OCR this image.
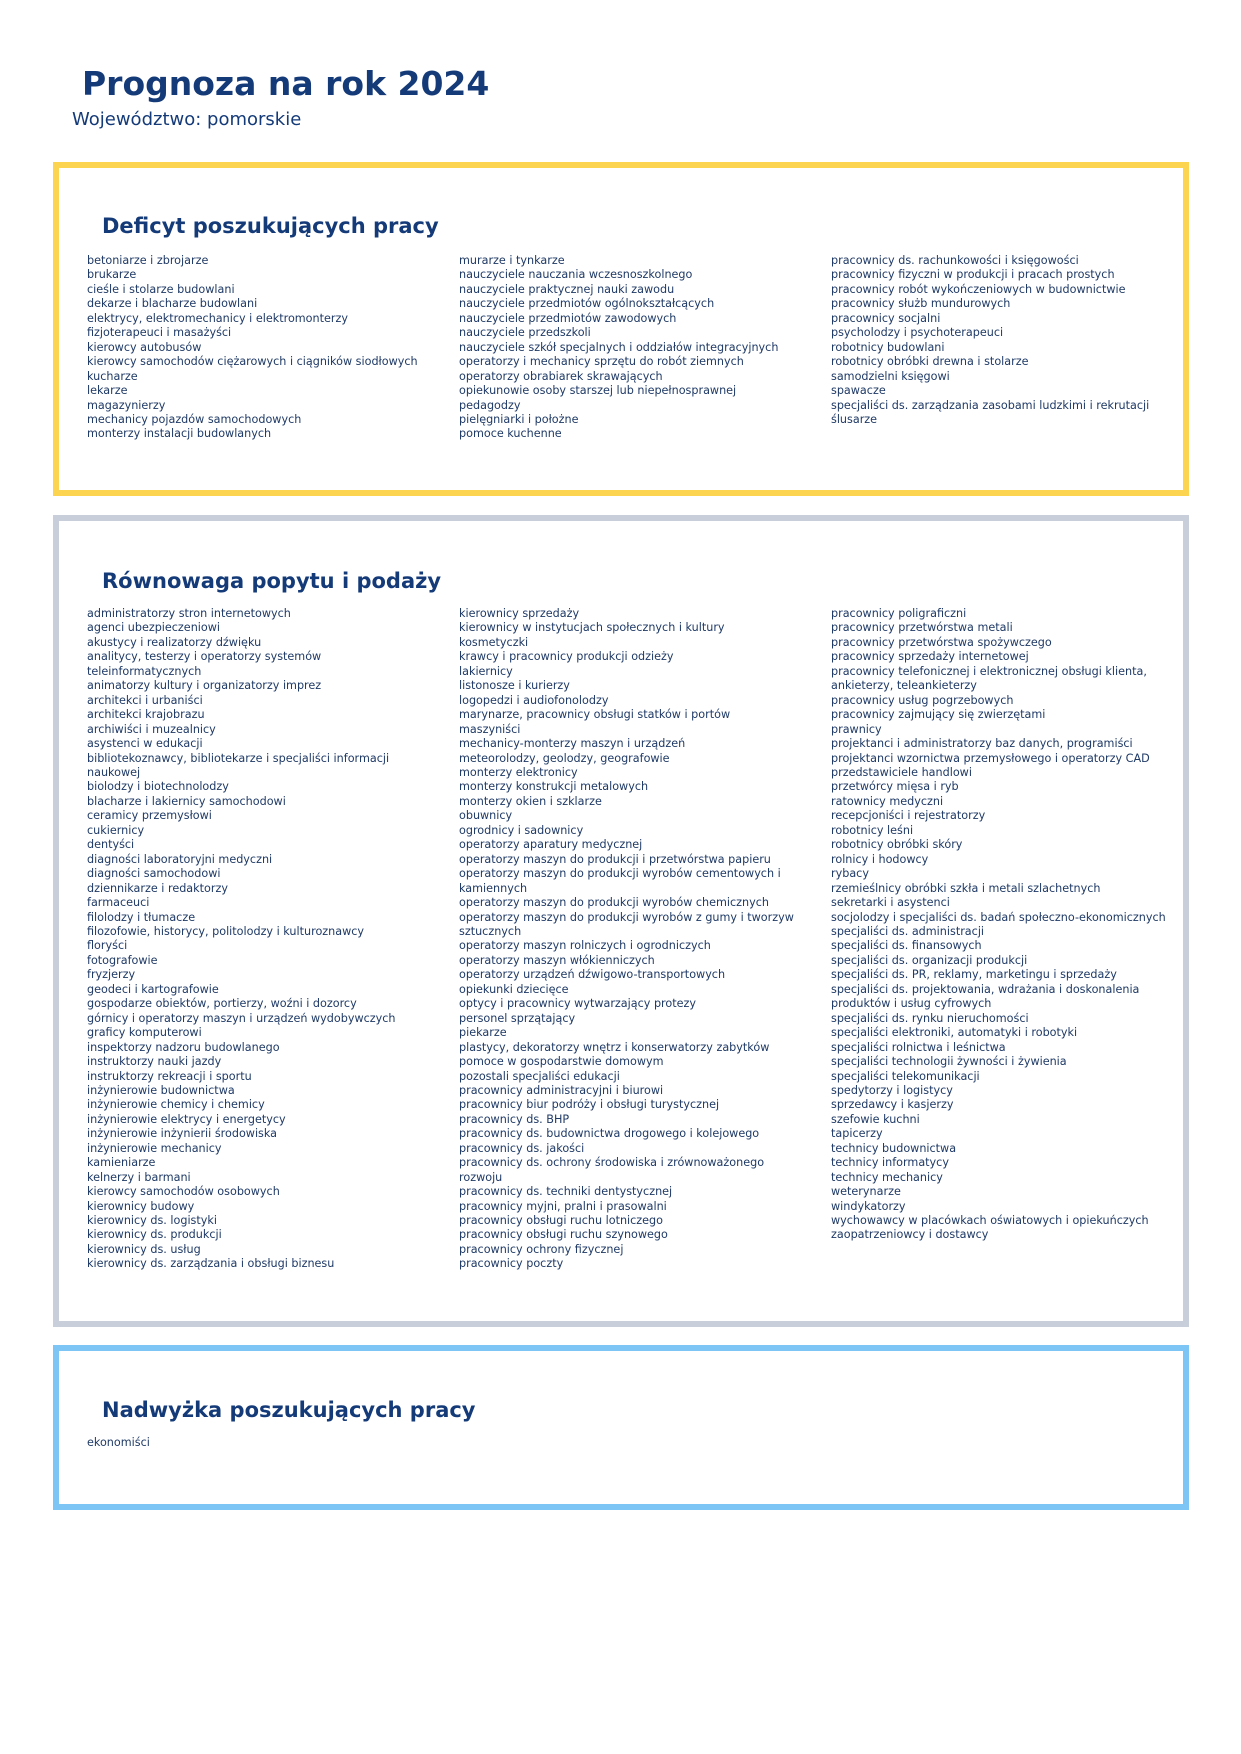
Prognoza na rok 2024
Województwo: pomorskie
Deficyt poszukujących pracy
betoniarze i zbrojarze
brukarze
cieśle i stolarze budowlani
dekarze i blacharze budowlani
elektrycy, elektromechanicy i elektromonterzy
fizjoterapeuci i masażyści
kierowcy autobusów
kierowcy samochodów ciężarowych i ciągników siodłowych
kucharze
lekarze
magazynierzy
mechanicy pojazdów samochodowych
monterzy instalacji budowlanych
murarze i tynkarze
nauczyciele nauczania wczesnoszkolnego
nauczyciele praktycznej nauki zawodu
nauczyciele przedmiotów ogólnokształcących
nauczyciele przedmiotów zawodowych
nauczyciele przedszkoli
nauczyciele szkół specjalnych i oddziałów integracyjnych
operatorzy i mechanicy sprzętu do robót ziemnych
operatorzy obrabiarek skrawających
opiekunowie osoby starszej lub niepełnosprawnej
pedagodzy
pielęgniarki i położne
pomoce kuchenne
pracownicy ds. rachunkowości i księgowości
pracownicy fizyczni w produkcji i pracach prostych
pracownicy robót wykończeniowych w budownictwie
pracownicy służb mundurowych
pracownicy socjalni
psycholodzy i psychoterapeuci
robotnicy budowlani
robotnicy obróbki drewna i stolarze
samodzielni księgowi
spawacze
specjaliści ds. zarządzania zasobami ludzkimi i rekrutacji
ślusarze
Równowaga popytu i podaży
administratorzy stron internetowych
agenci ubezpieczeniowi
akustycy i realizatorzy dźwięku
analitycy, testerzy i operatorzy systemów
teleinformatycznych
animatorzy kultury i organizatorzy imprez
architekci i urbaniści
architekci krajobrazu
archiwiści i muzealnicy
asystenci w edukacji
bibliotekoznawcy, bibliotekarze i specjaliści informacji
naukowej
biolodzy i biotechnolodzy
blacharze i lakiernicy samochodowi
ceramicy przemysłowi
cukiernicy
dentyści
diagności laboratoryjni medyczni
diagności samochodowi
dziennikarze i redaktorzy
farmaceuci
filolodzy i tłumacze
filozofowie, historycy, politolodzy i kulturoznawcy
floryści
fotografowie
fryzjerzy
geodeci i kartografowie
gospodarze obiektów, portierzy, woźni i dozorcy
górnicy i operatorzy maszyn i urządzeń wydobywczych
graficy komputerowi
inspektorzy nadzoru budowlanego
instruktorzy nauki jazdy
instruktorzy rekreacji i sportu
inżynierowie budownictwa
inżynierowie chemicy i chemicy
inżynierowie elektrycy i energetycy
inżynierowie inżynierii środowiska
inżynierowie mechanicy
kamieniarze
kelnerzy i barmani
kierowcy samochodów osobowych
kierownicy budowy
kierownicy ds. logistyki
kierownicy ds. produkcji
kierownicy ds. usług
kierownicy ds. zarządzania i obsługi biznesu
kierownicy sprzedaży
kierownicy w instytucjach społecznych i kultury
kosmetyczki
krawcy i pracownicy produkcji odzieży
lakiernicy
listonosze i kurierzy
logopedzi i audiofonolodzy
marynarze, pracownicy obsługi statków i portów
maszyniści
mechanicy-monterzy maszyn i urządzeń
meteorolodzy, geolodzy, geografowie
monterzy elektronicy
monterzy konstrukcji metalowych
monterzy okien i szklarze
obuwnicy
ogrodnicy i sadownicy
operatorzy aparatury medycznej
operatorzy maszyn do produkcji i przetwórstwa papieru
operatorzy maszyn do produkcji wyrobów cementowych i
kamiennych
operatorzy maszyn do produkcji wyrobów chemicznych
operatorzy maszyn do produkcji wyrobów z gumy i tworzyw
sztucznych
operatorzy maszyn rolniczych i ogrodniczych
operatorzy maszyn włókienniczych
operatorzy urządzeń dźwigowo-transportowych
opiekunki dziecięce
optycy i pracownicy wytwarzający protezy
personel sprzątający
piekarze
plastycy, dekoratorzy wnętrz i konserwatorzy zabytków
pomoce w gospodarstwie domowym
pozostali specjaliści edukacji
pracownicy administracyjni i biurowi
pracownicy biur podróży i obsługi turystycznej
pracownicy ds. BHP
pracownicy ds. budownictwa drogowego i kolejowego
pracownicy ds. jakości
pracownicy ds. ochrony środowiska i zrównoważonego
rozwoju
pracownicy ds. techniki dentystycznej
pracownicy myjni, pralni i prasowalni
pracownicy obsługi ruchu lotniczego
pracownicy obsługi ruchu szynowego
pracownicy ochrony fizycznej
pracownicy poczty
pracownicy poligraficzni
pracownicy przetwórstwa metali
pracownicy przetwórstwa spożywczego
pracownicy sprzedaży internetowej
pracownicy telefonicznej i elektronicznej obsługi klienta,
ankieterzy, teleankieterzy
pracownicy usług pogrzebowych
pracownicy zajmujący się zwierzętami
prawnicy
projektanci i administratorzy baz danych, programiści
projektanci wzornictwa przemysłowego i operatorzy CAD
przedstawiciele handlowi
przetwórcy mięsa i ryb
ratownicy medyczni
recepcjoniści i rejestratorzy
robotnicy leśni
robotnicy obróbki skóry
rolnicy i hodowcy
rybacy
rzemieślnicy obróbki szkła i metali szlachetnych
sekretarki i asystenci
socjolodzy i specjaliści ds. badań społeczno-ekonomicznych
specjaliści ds. administracji
specjaliści ds. finansowych
specjaliści ds. organizacji produkcji
specjaliści ds. PR, reklamy, marketingu i sprzedaży
specjaliści ds. projektowania, wdrażania i doskonalenia
produktów i usług cyfrowych
specjaliści ds. rynku nieruchomości
specjaliści elektroniki, automatyki i robotyki
specjaliści rolnictwa i leśnictwa
specjaliści technologii żywności i żywienia
specjaliści telekomunikacji
spedytorzy i logistycy
sprzedawcy i kasjerzy
szefowie kuchni
tapicerzy
technicy budownictwa
technicy informatycy
technicy mechanicy
weterynarze
windykatorzy
wychowawcy w placówkach oświatowych i opiekuńczych
zaopatrzeniowcy i dostawcy
Nadwyżka poszukujących pracy
ekonomiści
